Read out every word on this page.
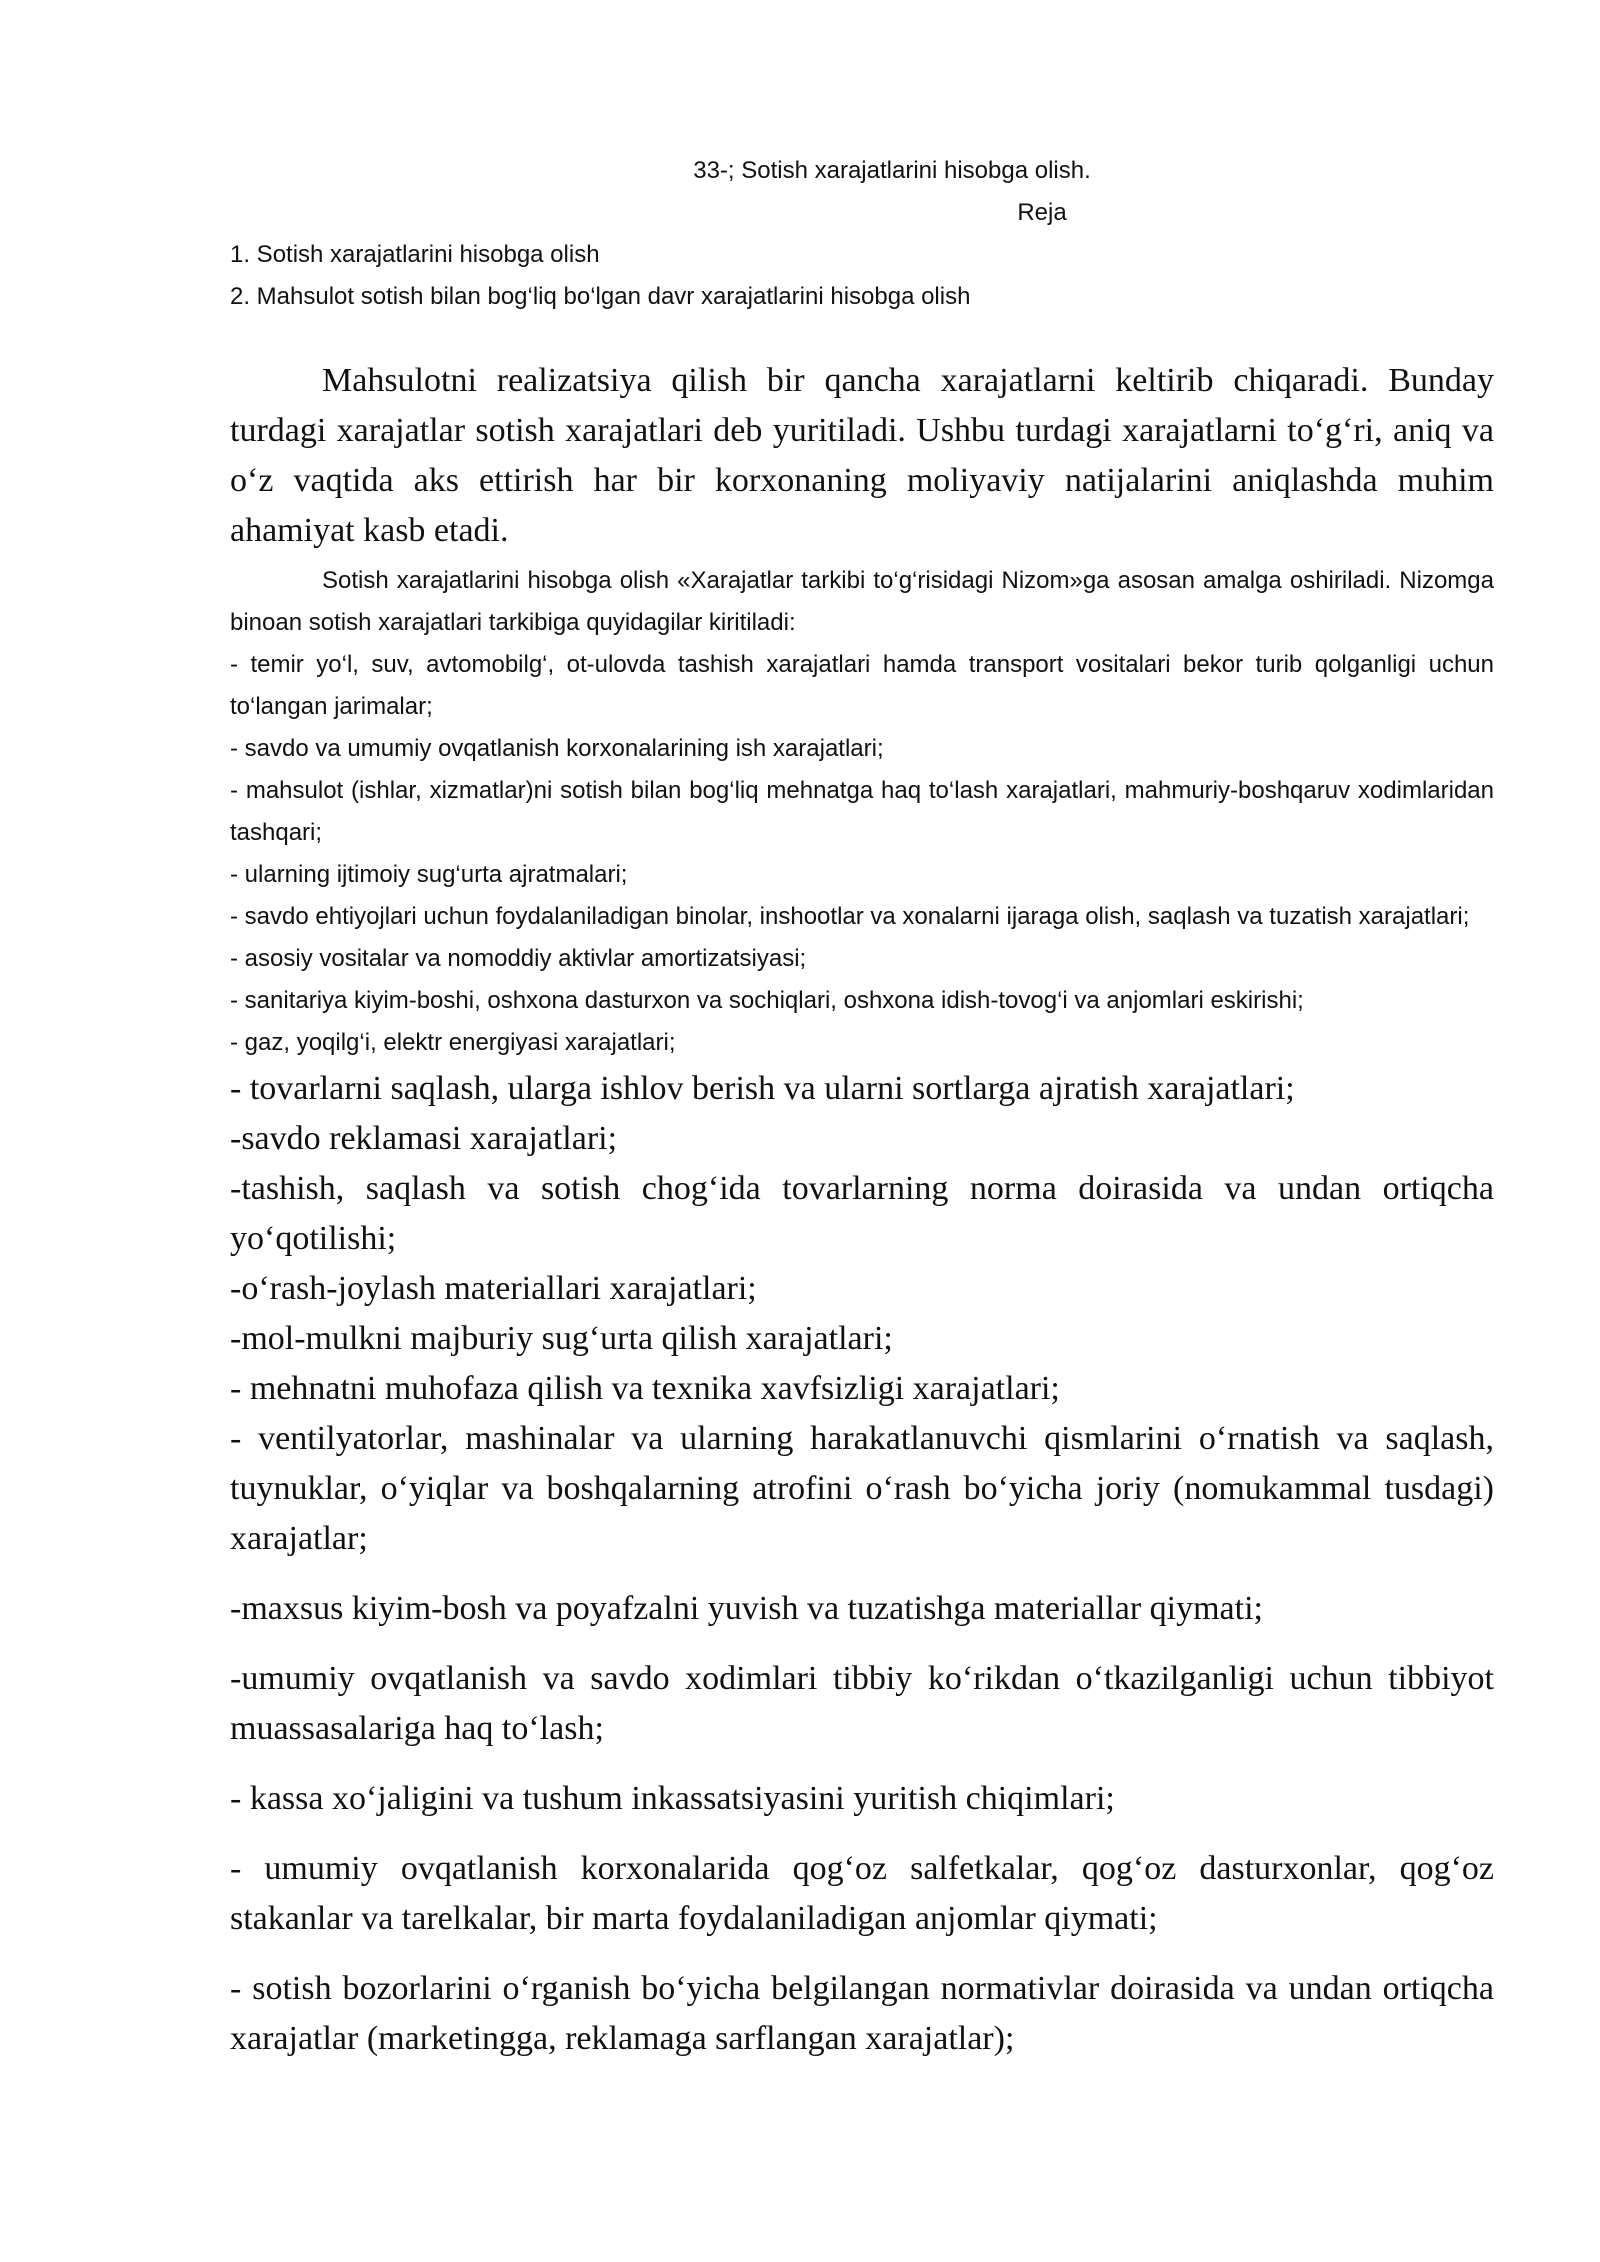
33-; Sotish xarajatlarini hisobga olish.

Reja

1. Sotish xarajatlarini hisobga olish

2. Mahsulot sotish bilan bog‘liq bo‘lgan davr xarajatlarini hisobga olish

Mahsulotni realizatsiya qilish bir qancha xarajatlarni keltirib chiqaradi. Bunday turdagi xarajatlar sotish xarajatlari deb yuritiladi. Ushbu turdagi xarajatlarni to‘g‘ri, aniq va o‘z vaqtida aks ettirish har bir korxonaning moliyaviy natijalarini aniqlashda muhim ahamiyat kasb etadi.

Sotish xarajatlarini hisobga olish «Xarajatlar tarkibi to‘g‘risidagi Nizom»ga asosan amalga oshiriladi. Nizomga binoan sotish xarajatlari tarkibiga quyidagilar kiritiladi:

- temir yo‘l, suv, avtomobilg‘, ot-ulovda tashish xarajatlari hamda transport vositalari bekor turib qolganligi uchun to‘langan jarimalar;

- savdo va umumiy ovqatlanish korxonalarining ish xarajatlari;

- mahsulot (ishlar, xizmatlar)ni sotish bilan bog‘liq mehnatga haq to‘lash xarajatlari, mahmuriy-boshqaruv xodimlaridan tashqari;

- ularning ijtimoiy sug‘urta ajratmalari;

- savdo ehtiyojlari uchun foydalaniladigan binolar, inshootlar va xonalarni ijaraga olish, saqlash va tuzatish xarajatlari;

- asosiy vositalar va nomoddiy aktivlar amortizatsiyasi;

- sanitariya kiyim-boshi, oshxona dasturxon va sochiqlari, oshxona idish-tovog‘i va anjomlari eskirishi;

- gaz, yoqilg‘i, elektr energiyasi xarajatlari;

- tovarlarni saqlash, ularga ishlov berish va ularni sortlarga ajratish xarajatlari;

-savdo reklamasi xarajatlari;

-tashish, saqlash va sotish chog‘ida tovarlarning norma doirasida va undan ortiqcha yo‘qotilishi;

-o‘rash-joylash materiallari xarajatlari;

-mol-mulkni majburiy sug‘urta qilish xarajatlari;

- mehnatni muhofaza qilish va texnika xavfsizligi xarajatlari;

- ventilyatorlar, mashinalar va ularning harakatlanuvchi qismlarini o‘rnatish va saqlash, tuynuklar, o‘yiqlar va boshqalarning atrofini o‘rash bo‘yicha joriy (nomukammal tusdagi) xarajatlar;

-maxsus kiyim-bosh va poyafzalni yuvish va tuzatishga materiallar qiymati;

-umumiy ovqatlanish va savdo xodimlari tibbiy ko‘rikdan o‘tkazilganligi uchun tibbiyot muassasalariga haq to‘lash;

- kassa xo‘jaligini va tushum inkassatsiyasini yuritish chiqimlari;

- umumiy ovqatlanish korxonalarida qog‘oz salfetkalar, qog‘oz dasturxonlar, qog‘oz stakanlar va tarelkalar, bir marta foydalaniladigan anjomlar qiymati;

- sotish bozorlarini o‘rganish bo‘yicha belgilangan normativlar doirasida va undan ortiqcha xarajatlar (marketingga, reklamaga sarflangan xarajatlar);
